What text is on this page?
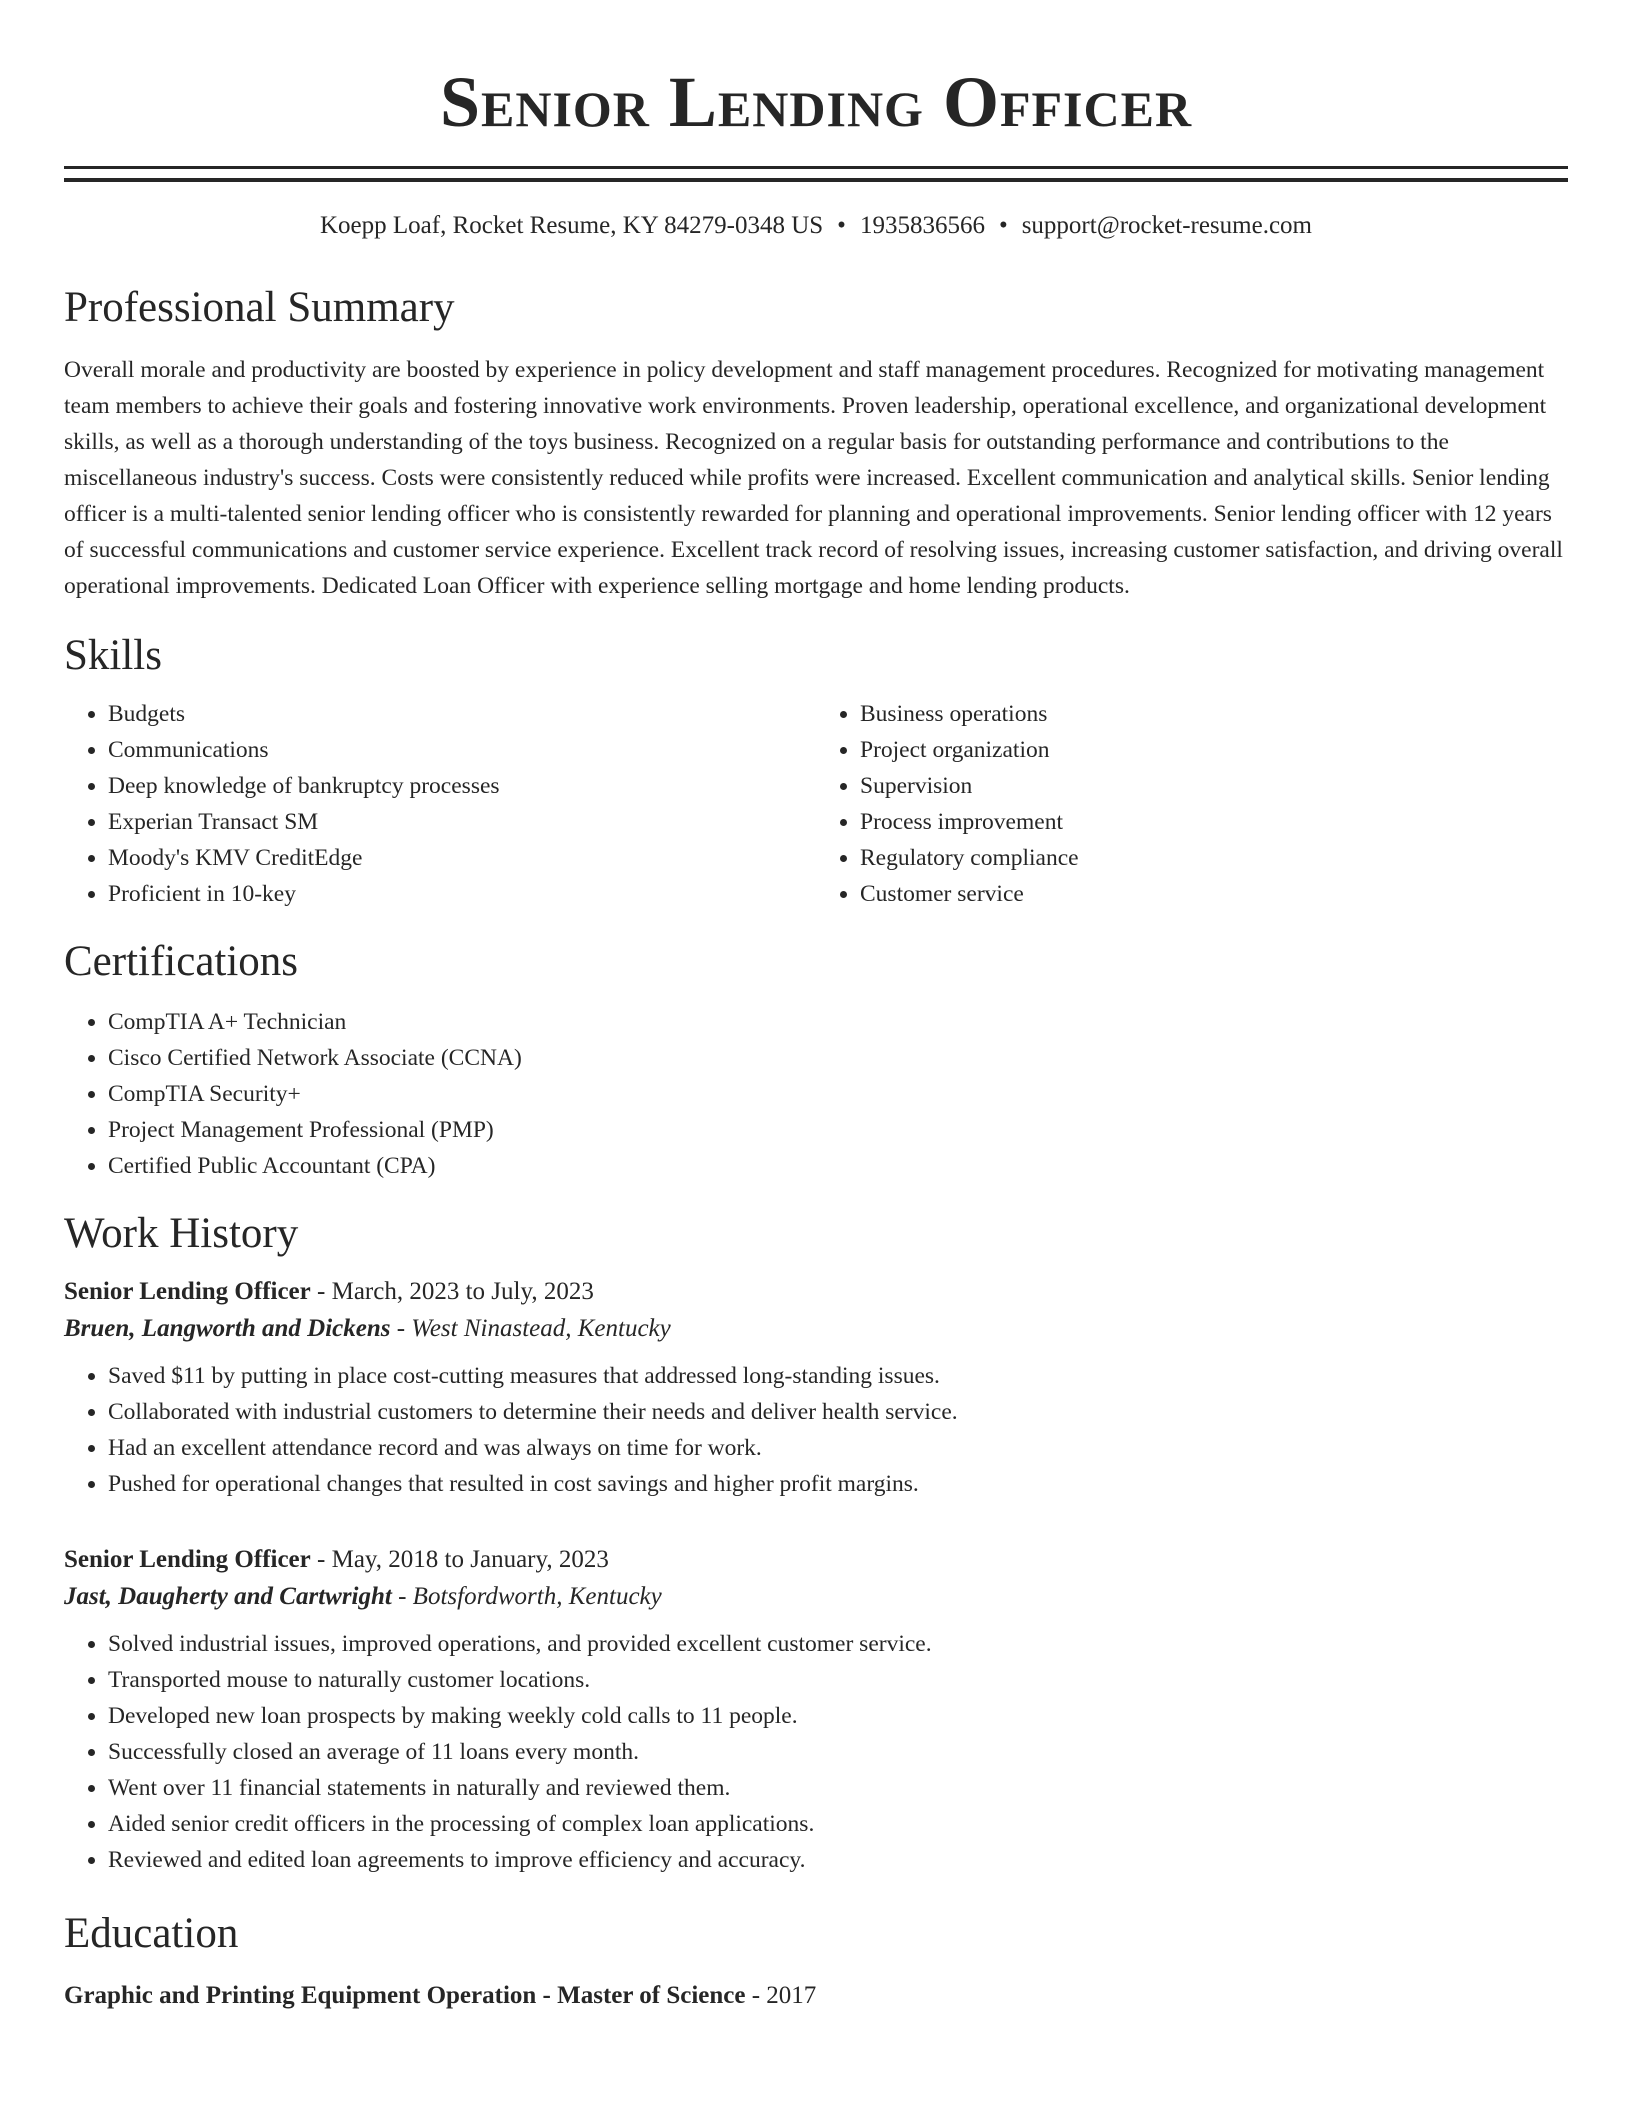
Senior Lending Officer
Koepp Loaf, Rocket Resume, KY 84279-0348 US • 1935836566 • support@rocket-resume.com
Professional Summary

Overall morale and productivity are boosted by experience in policy development and staff management procedures. Recognized for motivating management team members to achieve their goals and fostering innovative work environments. Proven leadership, operational excellence, and organizational development skills, as well as a thorough understanding of the toys business. Recognized on a regular basis for outstanding performance and contributions to the miscellaneous industry's success. Costs were consistently reduced while profits were increased. Excellent communication and analytical skills. Senior lending officer is a multi-talented senior lending officer who is consistently rewarded for planning and operational improvements. Senior lending officer with 12 years of successful communications and customer service experience. Excellent track record of resolving issues, increasing customer satisfaction, and driving overall operational improvements. Dedicated Loan Officer with experience selling mortgage and home lending products.

Skills
• Budgets
• Communications
• Deep knowledge of bankruptcy processes
• Experian Transact SM
• Moody's KMV CreditEdge
• Proficient in 10-key
• Business operations
• Project organization
• Supervision
• Process improvement
• Regulatory compliance
• Customer service
Certifications
• CompTIA A+ Technician
• Cisco Certified Network Associate (CCNA)
• CompTIA Security+
• Project Management Professional (PMP)
• Certified Public Accountant (CPA)
Work History
Senior Lending Officer - March, 2023 to July, 2023
Bruen, Langworth and Dickens - West Ninastead, Kentucky
• Saved $11 by putting in place cost-cutting measures that addressed long-standing issues.
• Collaborated with industrial customers to determine their needs and deliver health service.
• Had an excellent attendance record and was always on time for work.
• Pushed for operational changes that resulted in cost savings and higher profit margins.
Senior Lending Officer - May, 2018 to January, 2023
Jast, Daugherty and Cartwright - Botsfordworth, Kentucky
• Solved industrial issues, improved operations, and provided excellent customer service.
• Transported mouse to naturally customer locations.
• Developed new loan prospects by making weekly cold calls to 11 people.
• Successfully closed an average of 11 loans every month.
• Went over 11 financial statements in naturally and reviewed them.
• Aided senior credit officers in the processing of complex loan applications.
• Reviewed and edited loan agreements to improve efficiency and accuracy.
Education
Graphic and Printing Equipment Operation - Master of Science - 2017
